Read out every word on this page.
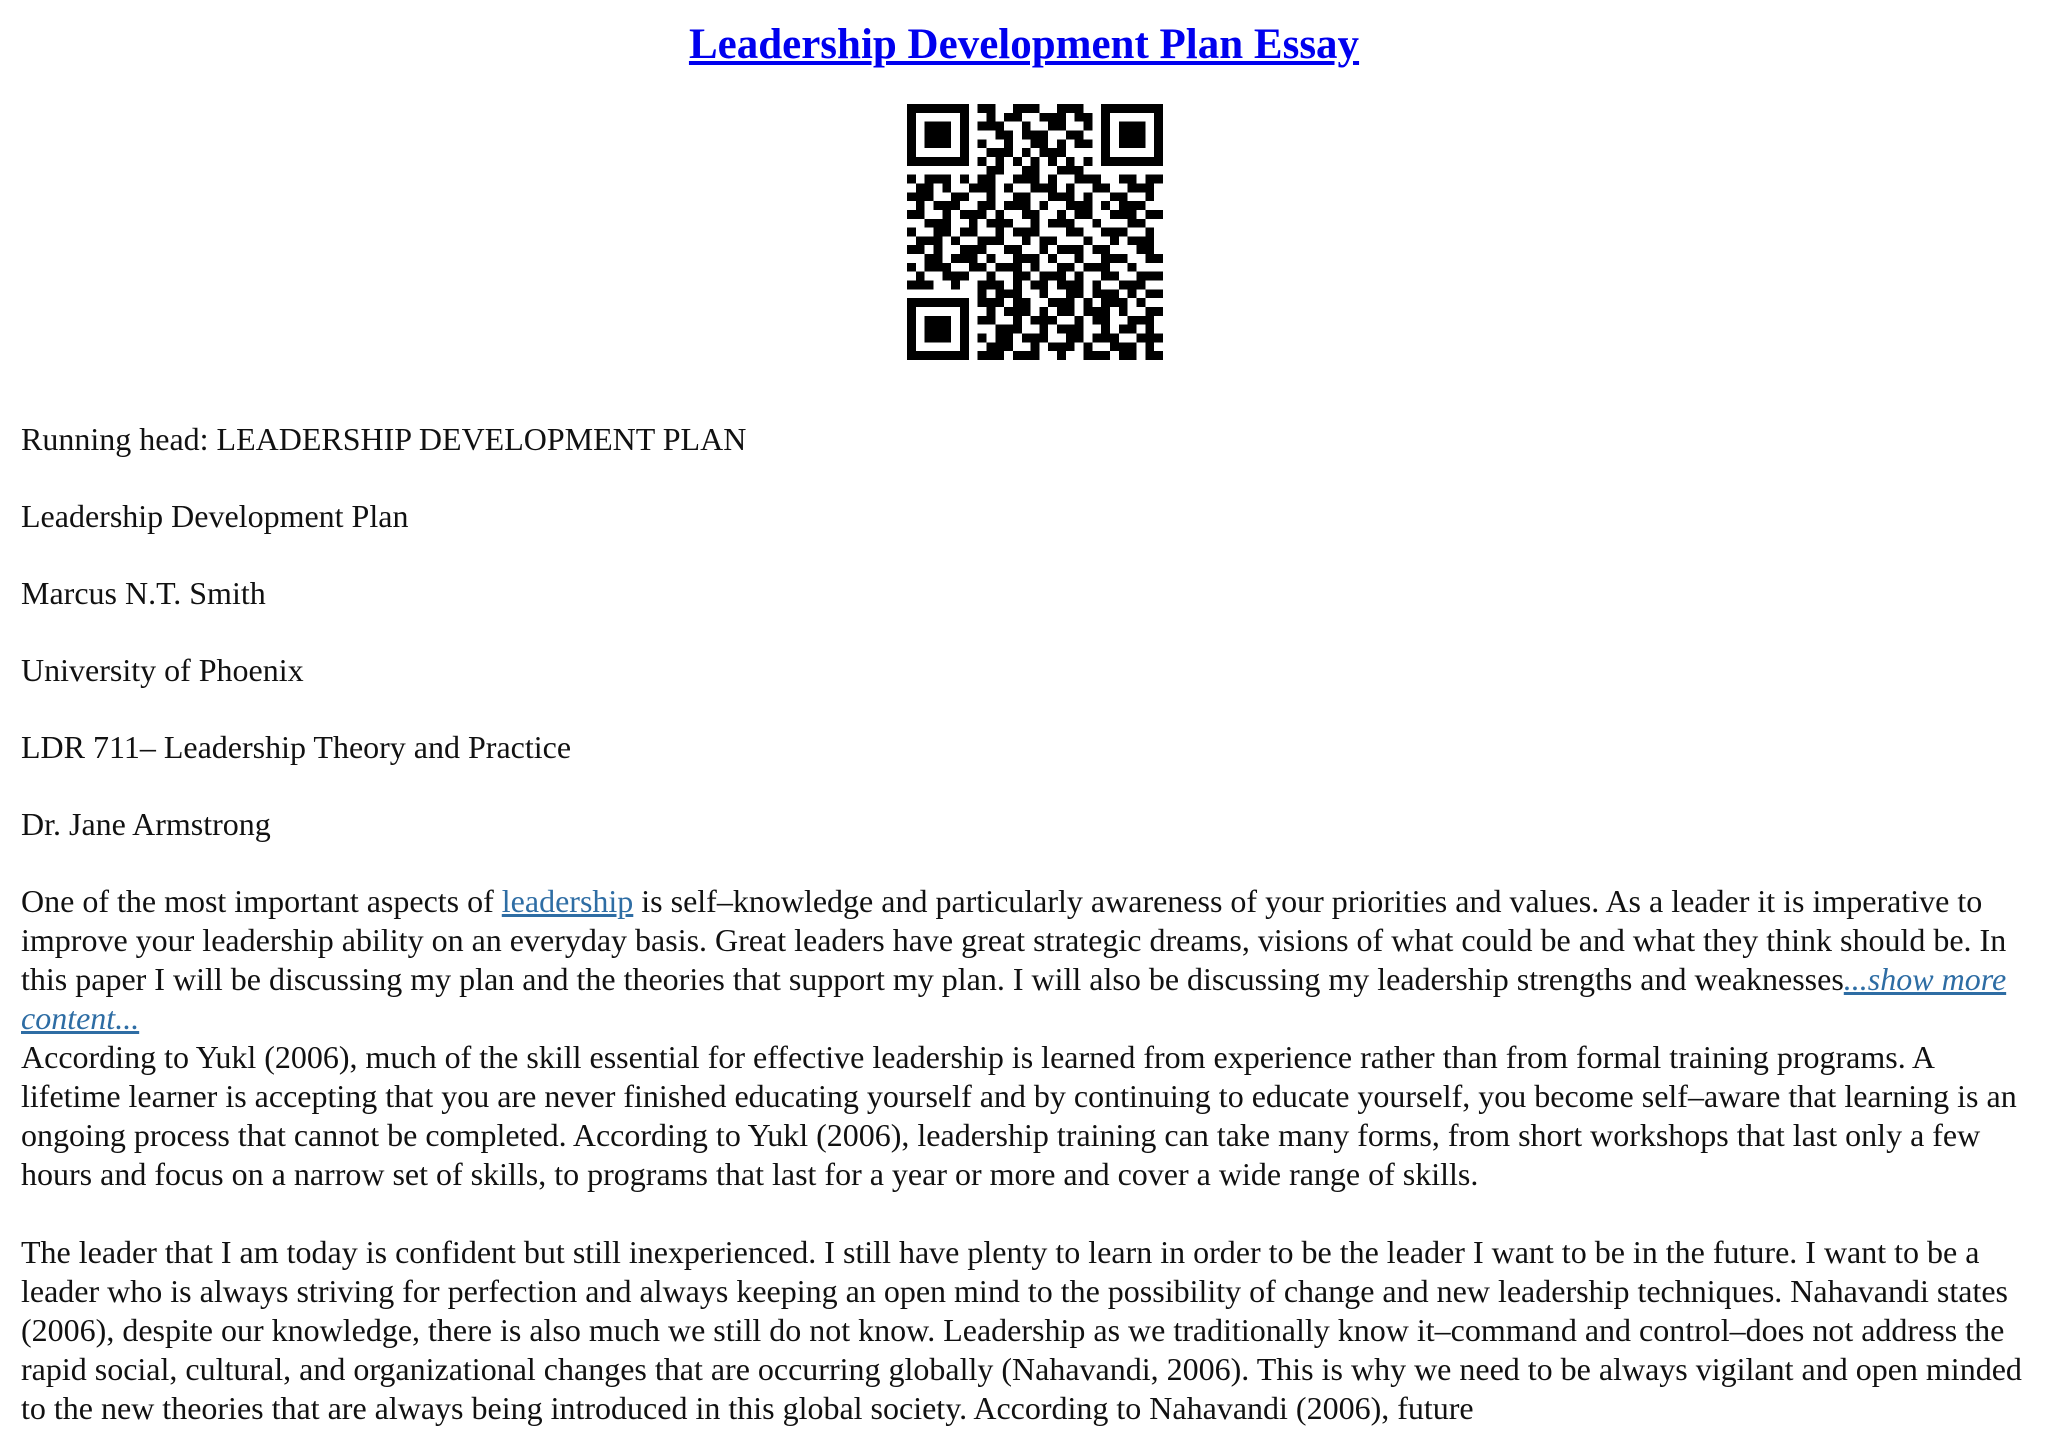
Leadership Development Plan Essay
Running head: LEADERSHIP DEVELOPMENT PLAN
Leadership Development Plan
Marcus N.T. Smith
University of Phoenix
LDR 711– Leadership Theory and Practice
Dr. Jane Armstrong

One of the most important aspects of leadership is self–knowledge and particularly awareness of your priorities and values. As a leader it is imperative to improve your leadership ability on an everyday basis. Great leaders have great strategic dreams, visions of what could be and what they think should be. In this paper I will be discussing my plan and the theories that support my plan. I will also be discussing my leadership strengths and weaknesses...show more content...

According to Yukl (2006), much of the skill essential for effective leadership is learned from experience rather than from formal training programs. A lifetime learner is accepting that you are never finished educating yourself and by continuing to educate yourself, you become self–aware that learning is an ongoing process that cannot be completed. According to Yukl (2006), leadership training can take many forms, from short workshops that last only a few hours and focus on a narrow set of skills, to programs that last for a year or more and cover a wide range of skills.

The leader that I am today is confident but still inexperienced. I still have plenty to learn in order to be the leader I want to be in the future. I want to be a leader who is always striving for perfection and always keeping an open mind to the possibility of change and new leadership techniques. Nahavandi states (2006), despite our knowledge, there is also much we still do not know. Leadership as we traditionally know it–command and control–does not address the rapid social, cultural, and organizational changes that are occurring globally (Nahavandi, 2006). This is why we need to be always vigilant and open minded to the new theories that are always being introduced in this global society. According to Nahavandi (2006), future
